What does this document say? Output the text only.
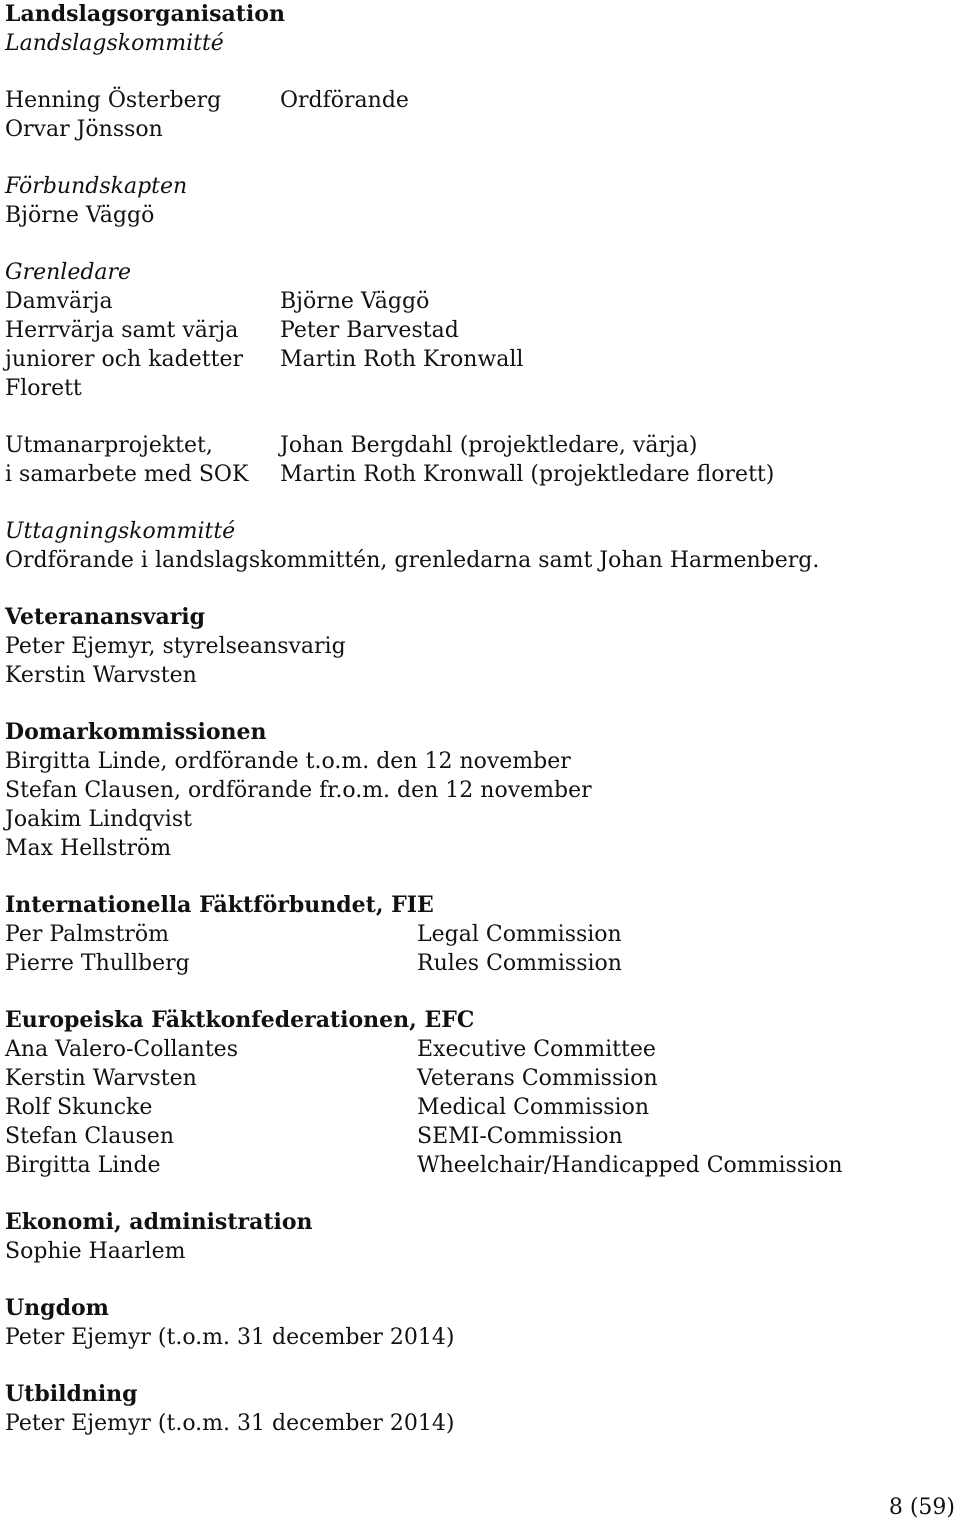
Landslagsorganisation
Landslagskommitté
Henning Österberg	Ordförande
Orvar Jönsson
Förbundskapten
Björne Väggö
Grenledare
Damvärja	Björne Väggö
Herrvärja samt värja	Peter Barvestad
juniorer och kadetter	Martin Roth Kronwall
Florett
Utmanarprojektet,	Johan Bergdahl (projektledare, värja)
i samarbete med SOK	Martin Roth Kronwall (projektledare florett)
Uttagningskommitté
Ordförande i landslagskommittén, grenledarna samt Johan Harmenberg.
Veteranansvarig
Peter Ejemyr, styrelseansvarig
Kerstin Warvsten
Domarkommissionen
Birgitta Linde, ordförande t.o.m. den 12 november
Stefan Clausen, ordförande fr.o.m. den 12 november
Joakim Lindqvist
Max Hellström
Internationella Fäktförbundet, FIE
Per Palmström	Legal Commission
Pierre Thullberg	Rules Commission
Europeiska Fäktkonfederationen, EFC
Ana Valero-Collantes	Executive Committee
Kerstin Warvsten	Veterans Commission
Rolf Skuncke	Medical Commission
Stefan Clausen	SEMI-Commission
Birgitta Linde	Wheelchair/Handicapped Commission
Ekonomi, administration
Sophie Haarlem
Ungdom
Peter Ejemyr (t.o.m. 31 december 2014)
Utbildning
Peter Ejemyr (t.o.m. 31 december 2014)
8 (59)
